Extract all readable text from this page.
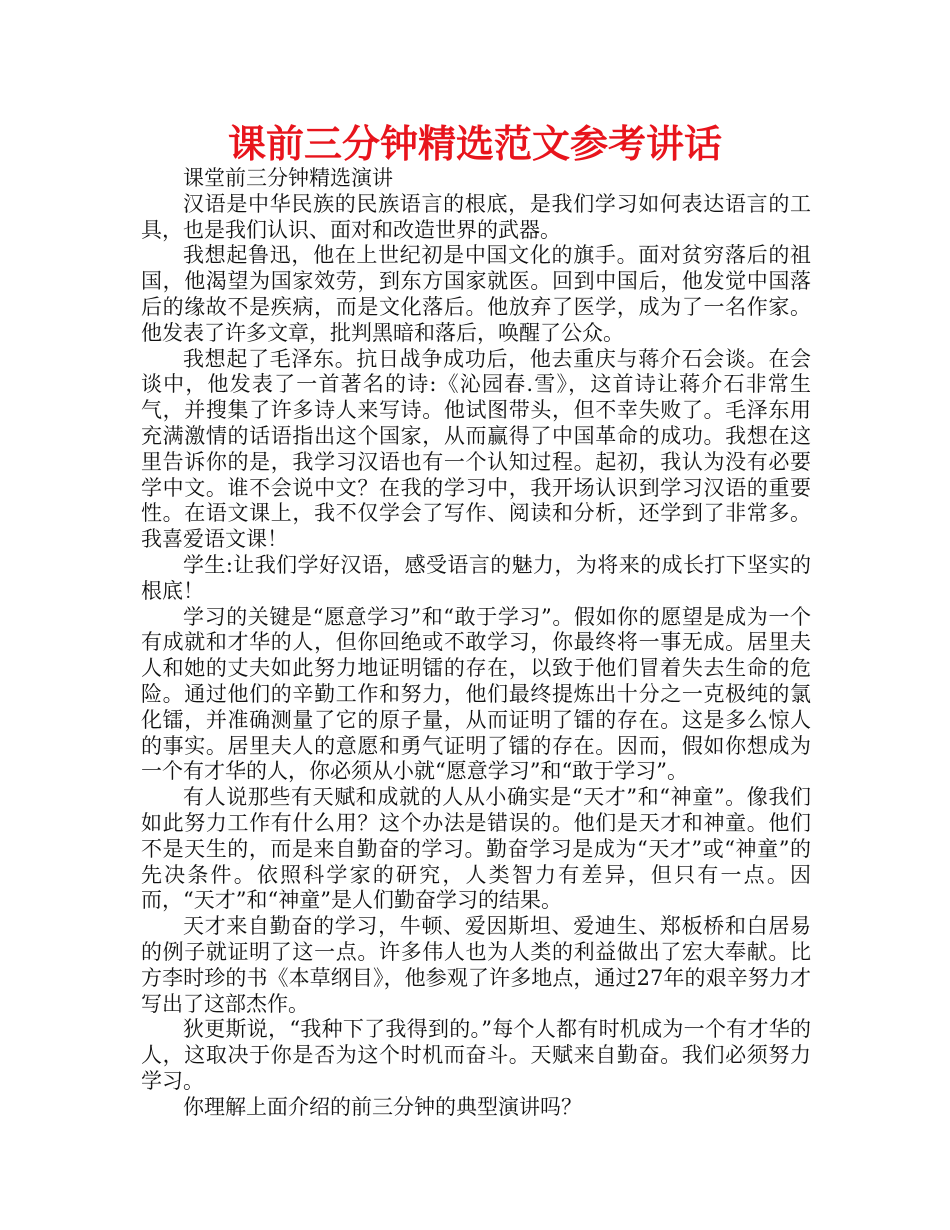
课前三分钟精选范文参考讲话

课堂前三分钟精选演讲

汉语是中华民族的民族语言的根底，是我们学习如何表达语言的工具，也是我们认识、面对和改造世界的武器。

我想起鲁迅，他在上世纪初是中国文化的旗手。面对贫穷落后的祖国，他渴望为国家效劳，到东方国家就医。回到中国后，他发觉中国落后的缘故不是疾病，而是文化落后。他放弃了医学，成为了一名作家。他发表了许多文章，批判黑暗和落后，唤醒了公众。

我想起了毛泽东。抗日战争成功后，他去重庆与蒋介石会谈。在会谈中，他发表了一首著名的诗:《沁园春.雪》，这首诗让蒋介石非常生气，并搜集了许多诗人来写诗。他试图带头，但不幸失败了。毛泽东用充满激情的话语指出这个国家，从而赢得了中国革命的成功。我想在这里告诉你的是，我学习汉语也有一个认知过程。起初，我认为没有必要学中文。谁不会说中文？在我的学习中，我开场认识到学习汉语的重要性。在语文课上，我不仅学会了写作、阅读和分析，还学到了非常多。我喜爱语文课！

学生:让我们学好汉语，感受语言的魅力，为将来的成长打下坚实的根底！

学习的关键是“愿意学习”和“敢于学习”。假如你的愿望是成为一个有成就和才华的人，但你回绝或不敢学习，你最终将一事无成。居里夫人和她的丈夫如此努力地证明镭的存在，以致于他们冒着失去生命的危险。通过他们的辛勤工作和努力，他们最终提炼出十分之一克极纯的氯化镭，并准确测量了它的原子量，从而证明了镭的存在。这是多么惊人的事实。居里夫人的意愿和勇气证明了镭的存在。因而，假如你想成为一个有才华的人，你必须从小就“愿意学习”和“敢于学习”。

有人说那些有天赋和成就的人从小确实是“天才”和“神童”。像我们如此努力工作有什么用？这个办法是错误的。他们是天才和神童。他们不是天生的，而是来自勤奋的学习。勤奋学习是成为“天才”或“神童”的先决条件。依照科学家的研究，人类智力有差异，但只有一点。因而，“天才”和“神童”是人们勤奋学习的结果。

天才来自勤奋的学习，牛顿、爱因斯坦、爱迪生、郑板桥和白居易的例子就证明了这一点。许多伟人也为人类的利益做出了宏大奉献。比方李时珍的书《本草纲目》，他参观了许多地点，通过27年的艰辛努力才写出了这部杰作。

狄更斯说，“我种下了我得到的。”每个人都有时机成为一个有才华的人，这取决于你是否为这个时机而奋斗。天赋来自勤奋。我们必须努力学习。

你理解上面介绍的前三分钟的典型演讲吗？
